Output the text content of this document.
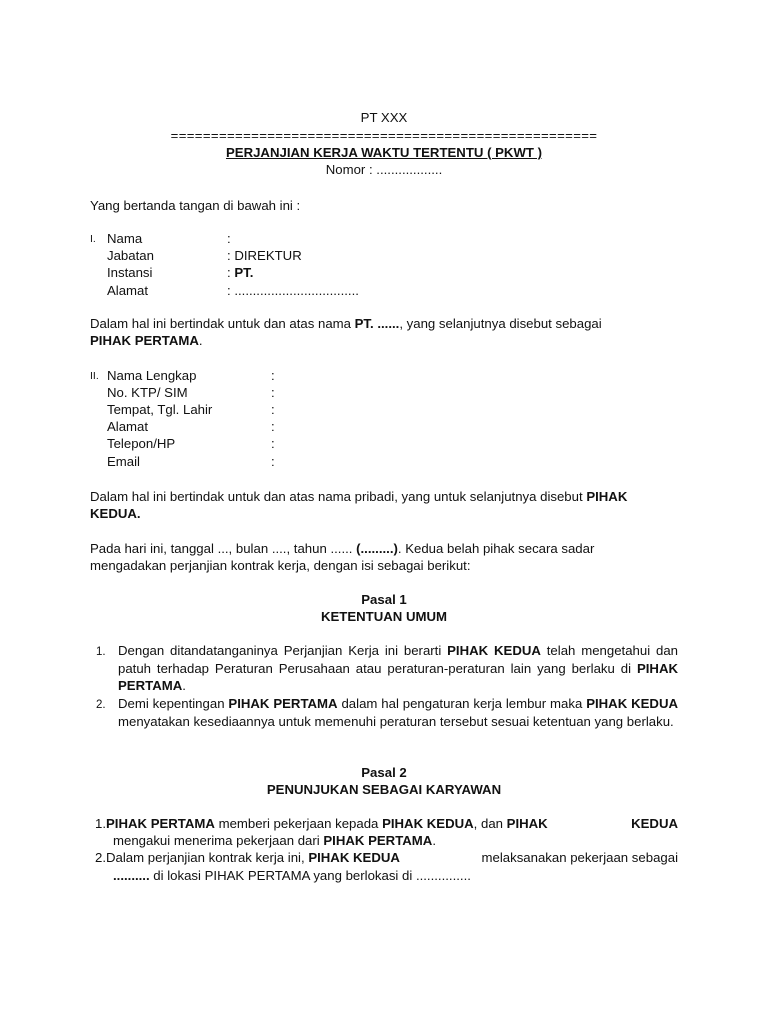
PT XXX
=====================================================
PERJANJIAN KERJA WAKTU TERTENTU ( PKWT )
Nomor : ..................
Yang bertanda tangan di bawah ini :
I. Nama	:
Jabatan	: DIREKTUR
Instansi	: PT.
Alamat	: ..................................
Dalam hal ini bertindak untuk dan atas nama PT. ......, yang selanjutnya disebut sebagai
PIHAK PERTAMA.
II. Nama Lengkap	:
No. KTP/ SIM	:
Tempat, Tgl. Lahir	:
Alamat	:
Telepon/HP	:
Email	:
Dalam hal ini bertindak untuk dan atas nama pribadi, yang untuk selanjutnya disebut PIHAK
KEDUA.
Pada hari ini, tanggal ..., bulan ...., tahun ...... (.........). Kedua belah pihak secara sadar
mengadakan perjanjian kontrak kerja, dengan isi sebagai berikut:
Pasal 1
KETENTUAN UMUM
1. Dengan ditandatanganinya Perjanjian Kerja ini berarti PIHAK KEDUA telah mengetahui dan patuh terhadap Peraturan Perusahaan atau peraturan-peraturan lain yang berlaku di PIHAK PERTAMA.
2. Demi kepentingan PIHAK PERTAMA dalam hal pengaturan kerja lembur maka PIHAK KEDUA menyatakan kesediaannya untuk memenuhi peraturan tersebut sesuai ketentuan yang berlaku.
Pasal 2
PENUNJUKAN SEBAGAI KARYAWAN
1.PIHAK PERTAMA memberi pekerjaan kepada PIHAK KEDUA, dan PIHAK	KEDUA
mengakui menerima pekerjaan dari PIHAK PERTAMA.
2.Dalam perjanjian kontrak kerja ini, PIHAK KEDUA	melaksanakan pekerjaan sebagai
.......... di lokasi PIHAK PERTAMA yang berlokasi di ...............
